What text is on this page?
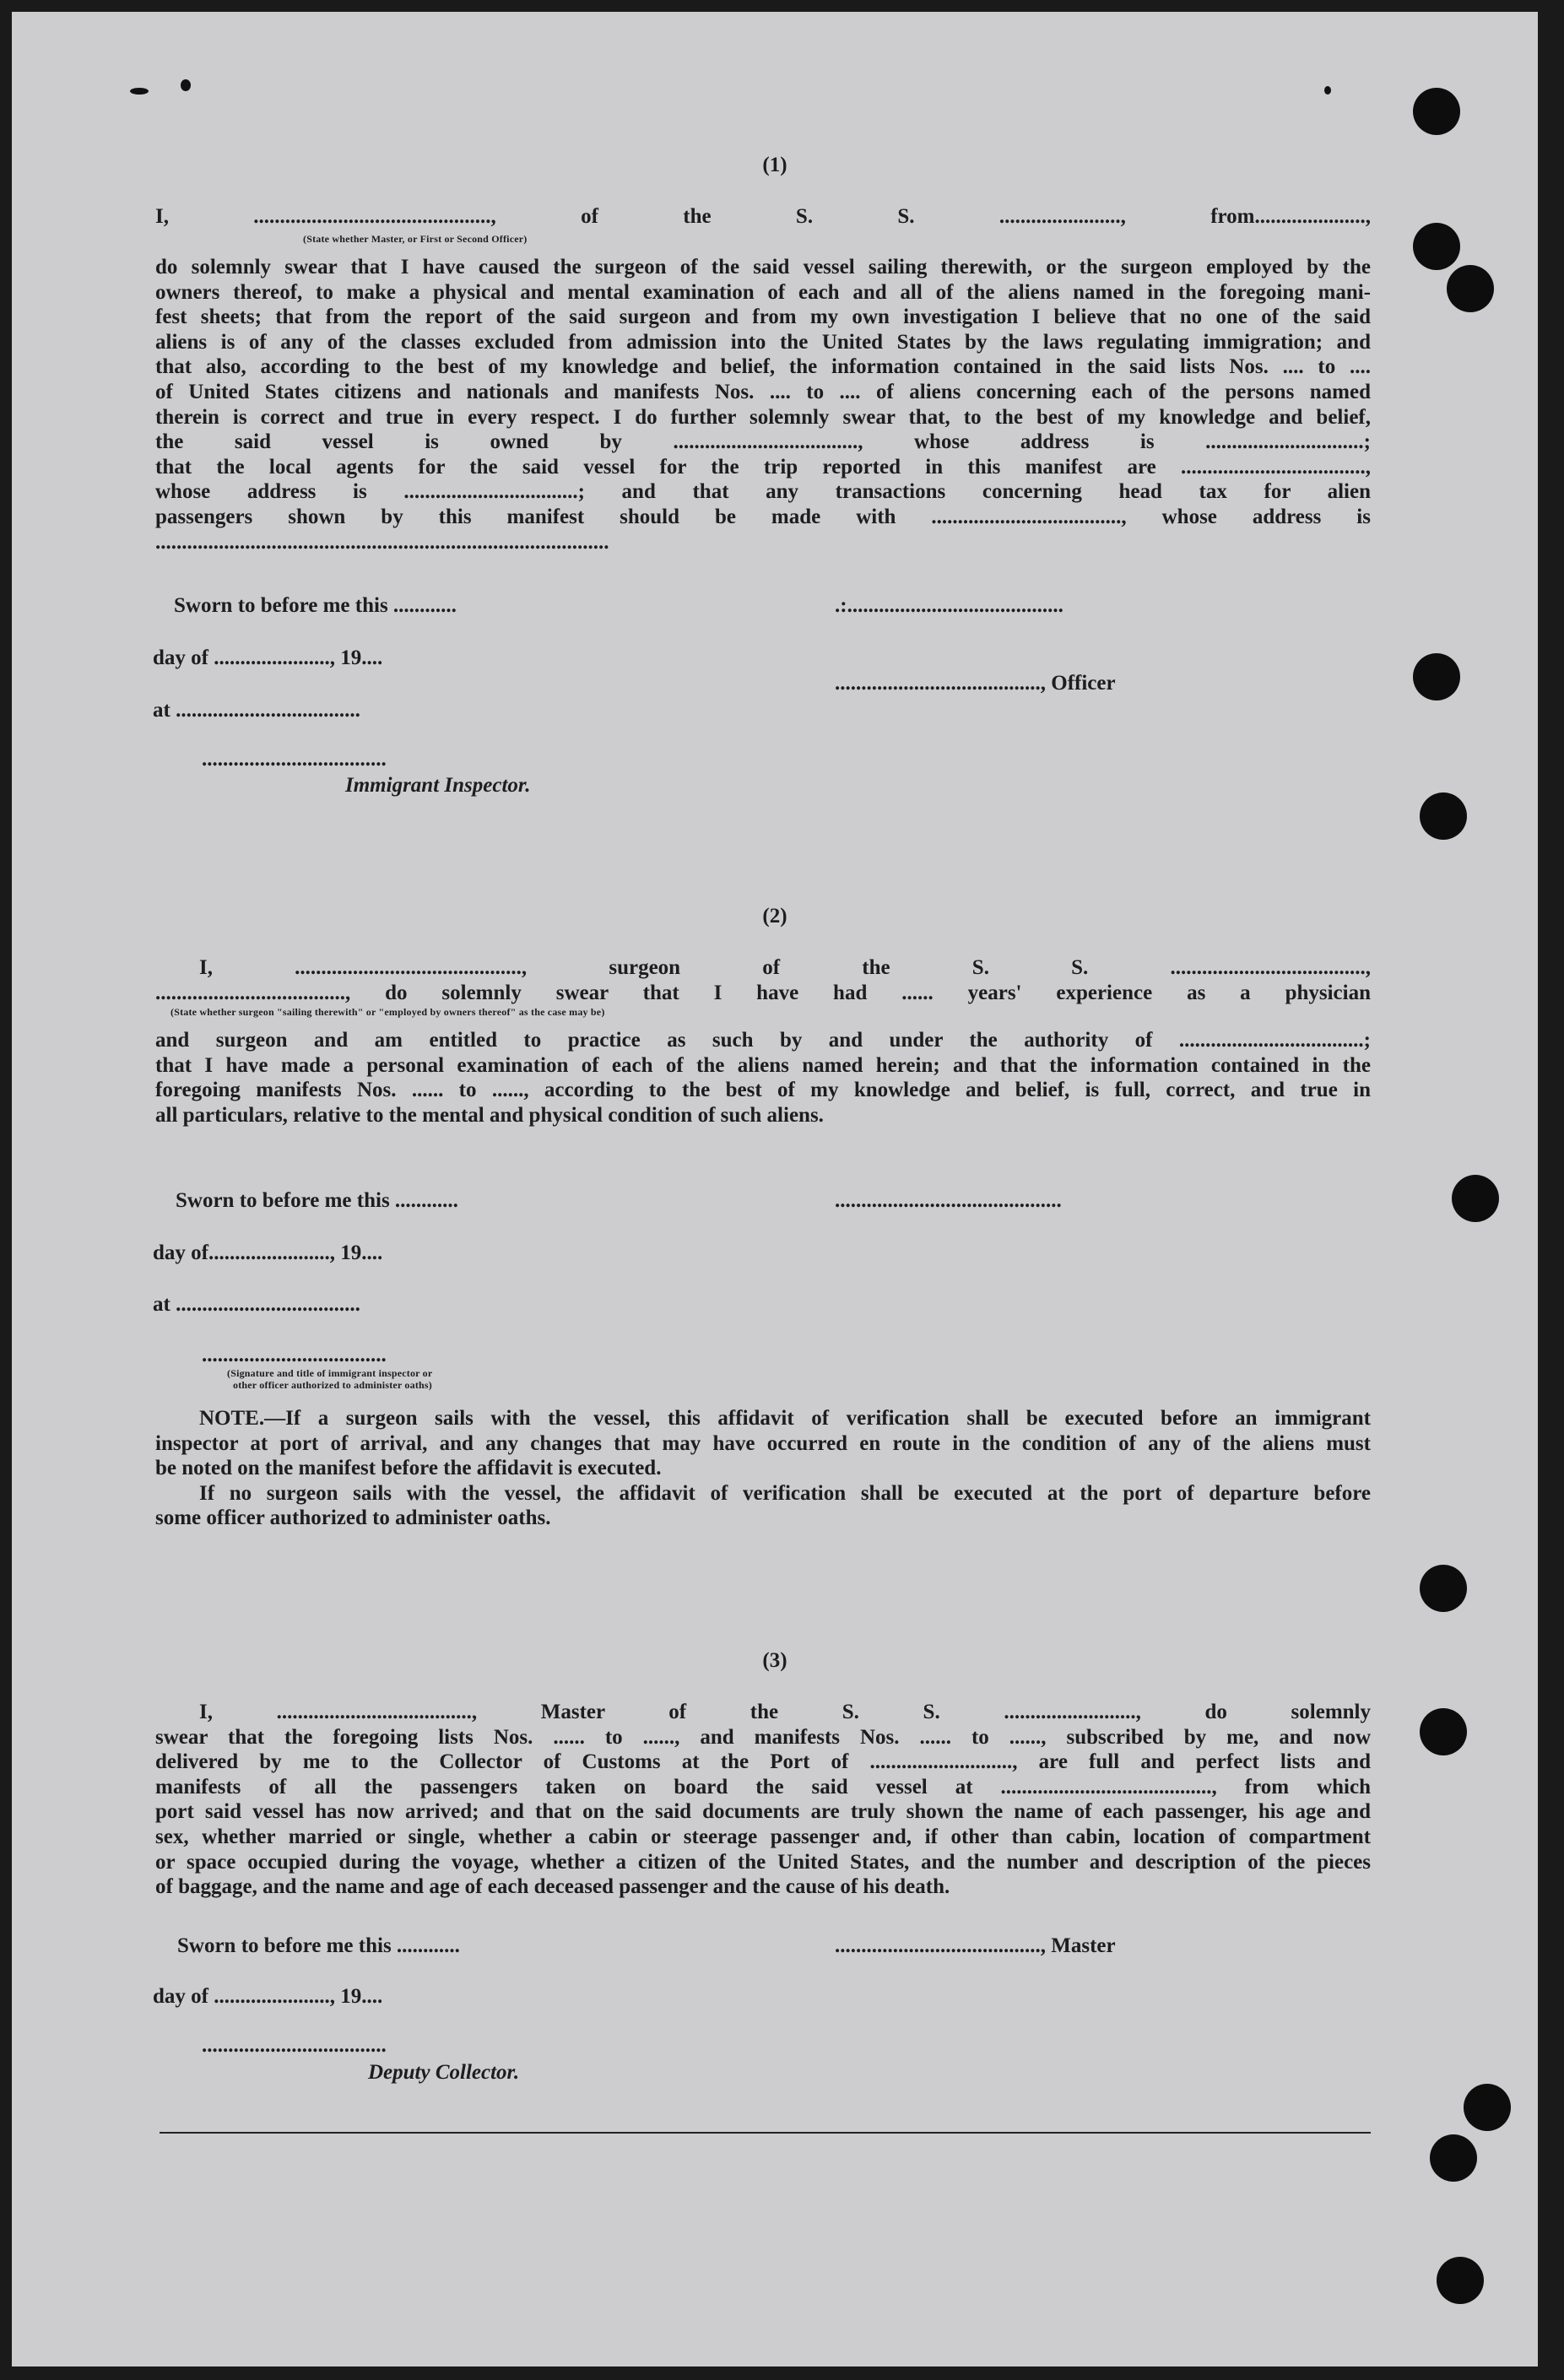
(1)
I, ............................................., of the S. S. ......................., from.....................,
(State whether Master, or First or Second Officer)
do solemnly swear that I have caused the surgeon of the said vessel sailing therewith, or the surgeon employed by the
owners thereof, to make a physical and mental examination of each and all of the aliens named in the foregoing mani-
fest sheets; that from the report of the said surgeon and from my own investigation I believe that no one of the said
aliens is of any of the classes excluded from admission into the United States by the laws regulating immigration; and
that also, according to the best of my knowledge and belief, the information contained in the said lists Nos. .... to ....
of United States citizens and nationals and manifests Nos. .... to .... of aliens concerning each of the persons named
therein is correct and true in every respect. I do further solemnly swear that, to the best of my knowledge and belief,
the said vessel is owned by ..................................., whose address is ..............................;
that the local agents for the said vessel for the trip reported in this manifest are ...................................,
whose address is .................................; and that any transactions concerning head tax for alien
passengers shown by this manifest should be made with ...................................., whose address is
......................................................................................
Sworn to before me this ............
day of ......................, 19....
at ...................................
...................................
Immigrant Inspector.
.:.........................................
......................................., Officer
(2)
I, ..........................................., surgeon of the S. S. .....................................,
...................................., do solemnly swear that I have had ...... years' experience as a physician
(State whether surgeon "sailing therewith" or "employed by owners thereof" as the case may be)
and surgeon and am entitled to practice as such by and under the authority of ...................................;
that I have made a personal examination of each of the aliens named herein; and that the information contained in the
foregoing manifests Nos. ...... to ......, according to the best of my knowledge and belief, is full, correct, and true in
all particulars, relative to the mental and physical condition of such aliens.
Sworn to before me this ............
day of......................., 19....
at ...................................
...................................
(Signature and title of immigrant inspector or
other officer authorized to administer oaths)
...........................................
NOTE.—If a surgeon sails with the vessel, this affidavit of verification shall be executed before an immigrant
inspector at port of arrival, and any changes that may have occurred en route in the condition of any of the aliens must
be noted on the manifest before the affidavit is executed.
If no surgeon sails with the vessel, the affidavit of verification shall be executed at the port of departure before
some officer authorized to administer oaths.
(3)
I, ....................................., Master of the S. S. ........................., do solemnly
swear that the foregoing lists Nos. ...... to ......, and manifests Nos. ...... to ......, subscribed by me, and now
delivered by me to the Collector of Customs at the Port of ..........................., are full and perfect lists and
manifests of all the passengers taken on board the said vessel at ........................................, from which
port said vessel has now arrived; and that on the said documents are truly shown the name of each passenger, his age and
sex, whether married or single, whether a cabin or steerage passenger and, if other than cabin, location of compartment
or space occupied during the voyage, whether a citizen of the United States, and the number and description of the pieces
of baggage, and the name and age of each deceased passenger and the cause of his death.
Sworn to before me this ............
day of ......................, 19....
...................................
Deputy Collector.
......................................., Master
